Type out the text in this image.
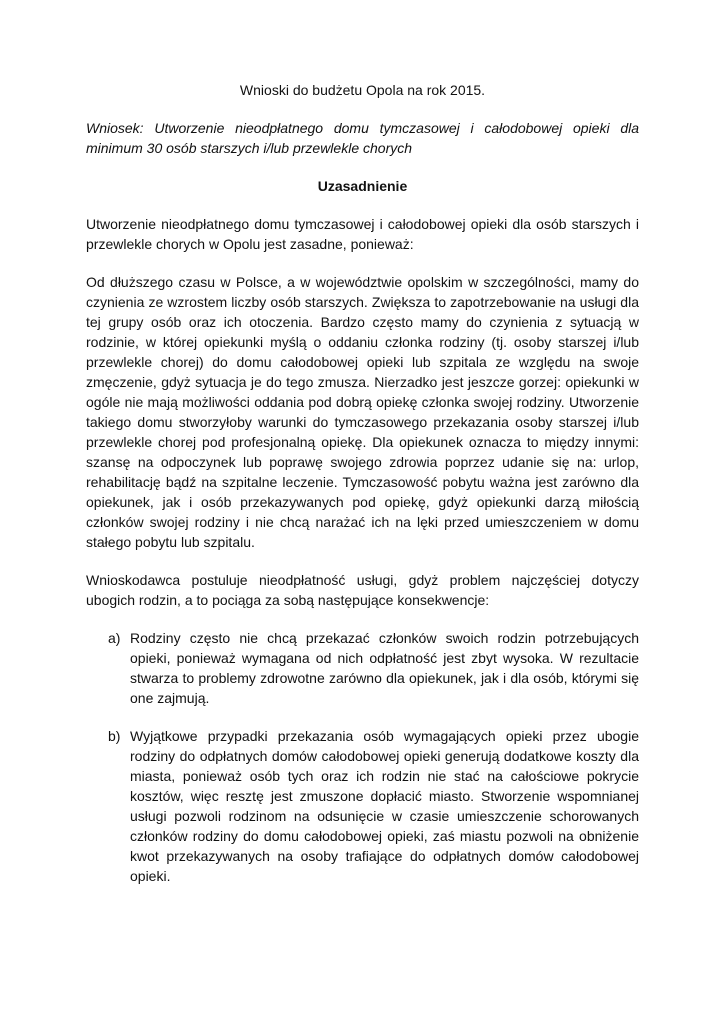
Wnioski do budżetu Opola na rok 2015.

Wniosek: Utworzenie nieodpłatnego domu tymczasowej i całodobowej opieki dla minimum 30 osób starszych i/lub przewlekle chorych

Uzasadnienie

Utworzenie nieodpłatnego domu tymczasowej i całodobowej opieki dla osób starszych i przewlekle chorych w Opolu jest zasadne, ponieważ:

Od dłuższego czasu w Polsce, a w województwie opolskim w szczególności, mamy do czynienia ze wzrostem liczby osób starszych. Zwiększa to zapotrzebowanie na usługi dla tej grupy osób oraz ich otoczenia. Bardzo często mamy do czynienia z sytuacją w rodzinie, w której opiekunki myślą o oddaniu członka rodziny (tj. osoby starszej i/lub przewlekle chorej) do domu całodobowej opieki lub szpitala ze względu na swoje zmęczenie, gdyż sytuacja je do tego zmusza. Nierzadko jest jeszcze gorzej: opiekunki w ogóle nie mają możliwości oddania pod dobrą opiekę członka swojej rodziny. Utworzenie takiego domu stworzyłoby warunki do tymczasowego przekazania osoby starszej i/lub przewlekle chorej pod profesjonalną opiekę. Dla opiekunek oznacza to między innymi: szansę na odpoczynek lub poprawę swojego zdrowia poprzez udanie się na: urlop, rehabilitację bądź na szpitalne leczenie. Tymczasowość pobytu ważna jest zarówno dla opiekunek, jak i osób przekazywanych pod opiekę, gdyż opiekunki darzą miłością członków swojej rodziny i nie chcą narażać ich na lęki przed umieszczeniem w domu stałego pobytu lub szpitalu.

Wnioskodawca postuluje nieodpłatność usługi, gdyż problem najczęściej dotyczy ubogich rodzin, a to pociąga za sobą następujące konsekwencje:

a) Rodziny często nie chcą przekazać członków swoich rodzin potrzebujących opieki, ponieważ wymagana od nich odpłatność jest zbyt wysoka. W rezultacie stwarza to problemy zdrowotne zarówno dla opiekunek, jak i dla osób, którymi się one zajmują.
b) Wyjątkowe przypadki przekazania osób wymagających opieki przez ubogie rodziny do odpłatnych domów całodobowej opieki generują dodatkowe koszty dla miasta, ponieważ osób tych oraz ich rodzin nie stać na całościowe pokrycie kosztów, więc resztę jest zmuszone dopłacić miasto. Stworzenie wspomnianej usługi pozwoli rodzinom na odsunięcie w czasie umieszczenie schorowanych członków rodziny do domu całodobowej opieki, zaś miastu pozwoli na obniżenie kwot przekazywanych na osoby trafiające do odpłatnych domów całodobowej opieki.
